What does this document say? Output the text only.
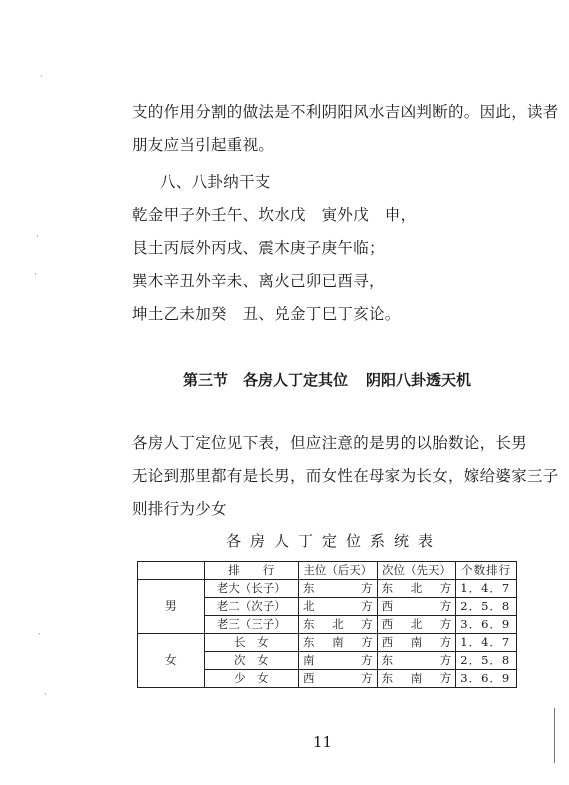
支的作用分割的做法是不利阴阳风水吉凶判断的。因此，读者
朋友应当引起重视。
八、八卦纳干支
乾金甲子外壬午、坎水戊　寅外戊　申，
艮土丙辰外丙戌、震木庚子庚午临；
巽木辛丑外辛未、离火己卯已酉寻，
坤土乙未加癸　丑、兑金丁巳丁亥论。
第三节　各房人丁定其位 阴阳八卦透天机
各房人丁定位见下表，但应注意的是男的以胎数论，长男
无论到那里都有是长男，而女性在母家为长女，嫁给婆家三子
则排行为少女
各房人丁定位系统表
	排　　行	主位（后天）	次位（先天）	个数排行
男	老大（长子）	东　　方	东　北　方	1．4．7
	老二（次子）	北　　方	西　　方	2．5．8
	老三（三子）	东　北　方	西　北　方	3．6．9
女	长　女	东　南　方	西　南　方	1．4．7
	次　女	南　　方	东　　方	2．5．8
	少　女	西　　方	东　南　方	3．6．9
11
·
·
·
·
·
